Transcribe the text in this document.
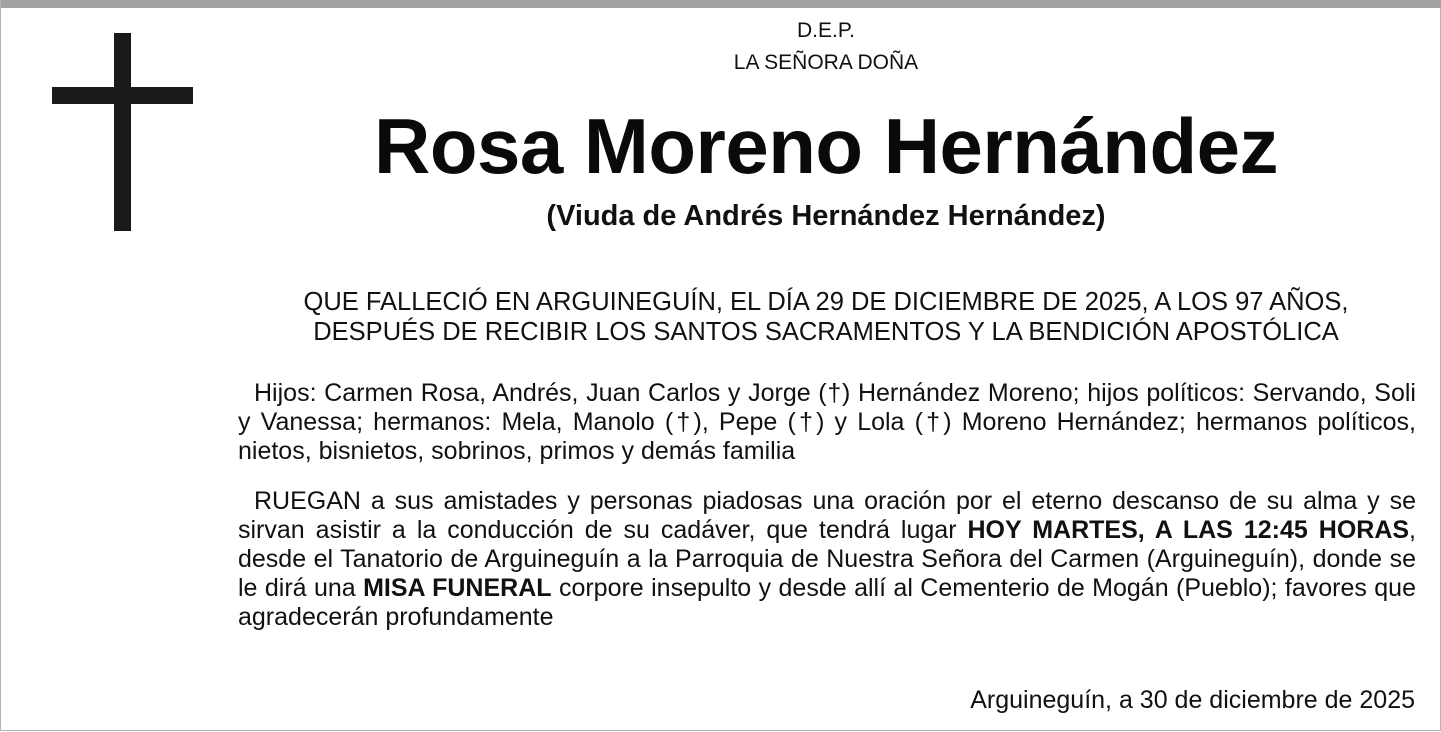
D.E.P.
LA SEÑORA DOÑA
Rosa Moreno Hernández
(Viuda de Andrés Hernández Hernández)
QUE FALLECIÓ EN ARGUINEGUÍN, EL DÍA 29 DE DICIEMBRE DE 2025, A LOS 97 AÑOS,
DESPUÉS DE RECIBIR LOS SANTOS SACRAMENTOS Y LA BENDICIÓN APOSTÓLICA
Hijos: Carmen Rosa, Andrés, Juan Carlos y Jorge (†) Hernández Moreno; hijos políticos: Servando, Soli y Vanessa; hermanos: Mela, Manolo (†), Pepe (†) y Lola (†) Moreno Hernández; hermanos políticos, nietos, bisnietos, sobrinos, primos y demás familia
RUEGAN a sus amistades y personas piadosas una oración por el eterno descanso de su alma y se sirvan asistir a la conducción de su cadáver, que tendrá lugar HOY MARTES, A LAS 12:45 HORAS, desde el Tanatorio de Arguineguín a la Parroquia de Nuestra Señora del Carmen (Arguineguín), donde se le dirá una MISA FUNERAL corpore insepulto y desde allí al Cementerio de Mogán (Pueblo); favores que agradecerán profundamente
Arguineguín, a 30 de diciembre de 2025
